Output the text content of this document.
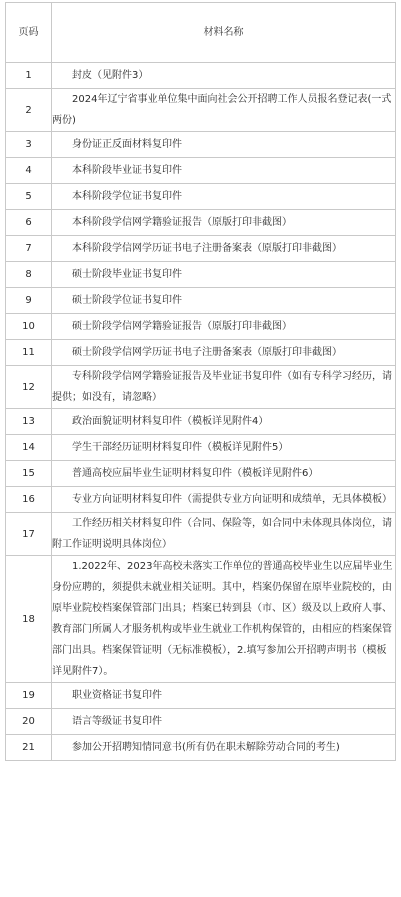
页码	材料名称
1	封皮（见附件3）
2	2024年辽宁省事业单位集中面向社会公开招聘工作人员报名登记表(一式两份)
3	身份证正反面材料复印件
4	本科阶段毕业证书复印件
5	本科阶段学位证书复印件
6	本科阶段学信网学籍验证报告（原版打印非截图）
7	本科阶段学信网学历证书电子注册备案表（原版打印非截图）
8	硕士阶段毕业证书复印件
9	硕士阶段学位证书复印件
10	硕士阶段学信网学籍验证报告（原版打印非截图）
11	硕士阶段学信网学历证书电子注册备案表（原版打印非截图）
12	专科阶段学信网学籍验证报告及毕业证书复印件（如有专科学习经历，请提供；如没有，请忽略）
13	政治面貌证明材料复印件（模板详见附件4）
14	学生干部经历证明材料复印件（模板详见附件5）
15	普通高校应届毕业生证明材料复印件（模板详见附件6）
16	专业方向证明材料复印件（需提供专业方向证明和成绩单，无具体模板）
17	工作经历相关材料复印件（合同、保险等，如合同中未体现具体岗位，请附工作证明说明具体岗位）
18	1.2022年、2023年高校未落实工作单位的普通高校毕业生以应届毕业生身份应聘的，须提供未就业相关证明。其中，档案仍保留在原毕业院校的，由原毕业院校档案保管部门出具；档案已转到县（市、区）级及以上政府人事、教育部门所属人才服务机构或毕业生就业工作机构保管的，由相应的档案保管部门出具。档案保管证明（无标准模板），2.填写参加公开招聘声明书（模板详见附件7）。
19	职业资格证书复印件
20	语言等级证书复印件
21	参加公开招聘知情同意书(所有仍在职未解除劳动合同的考生)
